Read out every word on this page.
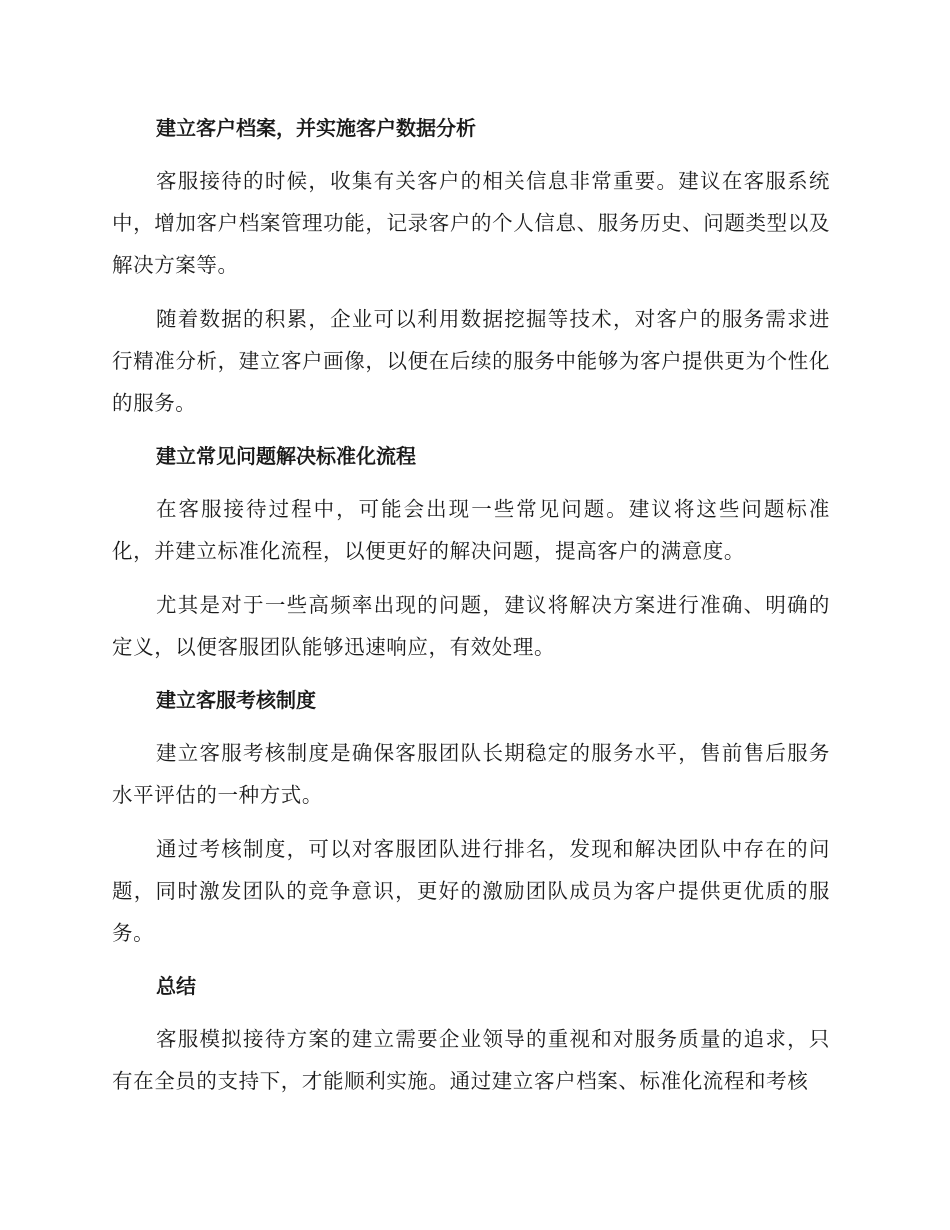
建立客户档案，并实施客户数据分析

客服接待的时候，收集有关客户的相关信息非常重要。建议在客服系统中，增加客户档案管理功能，记录客户的个人信息、服务历史、问题类型以及解决方案等。

随着数据的积累，企业可以利用数据挖掘等技术，对客户的服务需求进行精准分析，建立客户画像，以便在后续的服务中能够为客户提供更为个性化的服务。

建立常见问题解决标准化流程

在客服接待过程中，可能会出现一些常见问题。建议将这些问题标准化，并建立标准化流程，以便更好的解决问题，提高客户的满意度。

尤其是对于一些高频率出现的问题，建议将解决方案进行准确、明确的定义，以便客服团队能够迅速响应，有效处理。

建立客服考核制度

建立客服考核制度是确保客服团队长期稳定的服务水平，售前售后服务水平评估的一种方式。

通过考核制度，可以对客服团队进行排名，发现和解决团队中存在的问题，同时激发团队的竞争意识，更好的激励团队成员为客户提供更优质的服务。

总结

客服模拟接待方案的建立需要企业领导的重视和对服务质量的追求，只有在全员的支持下，才能顺利实施。通过建立客户档案、标准化流程和考核
